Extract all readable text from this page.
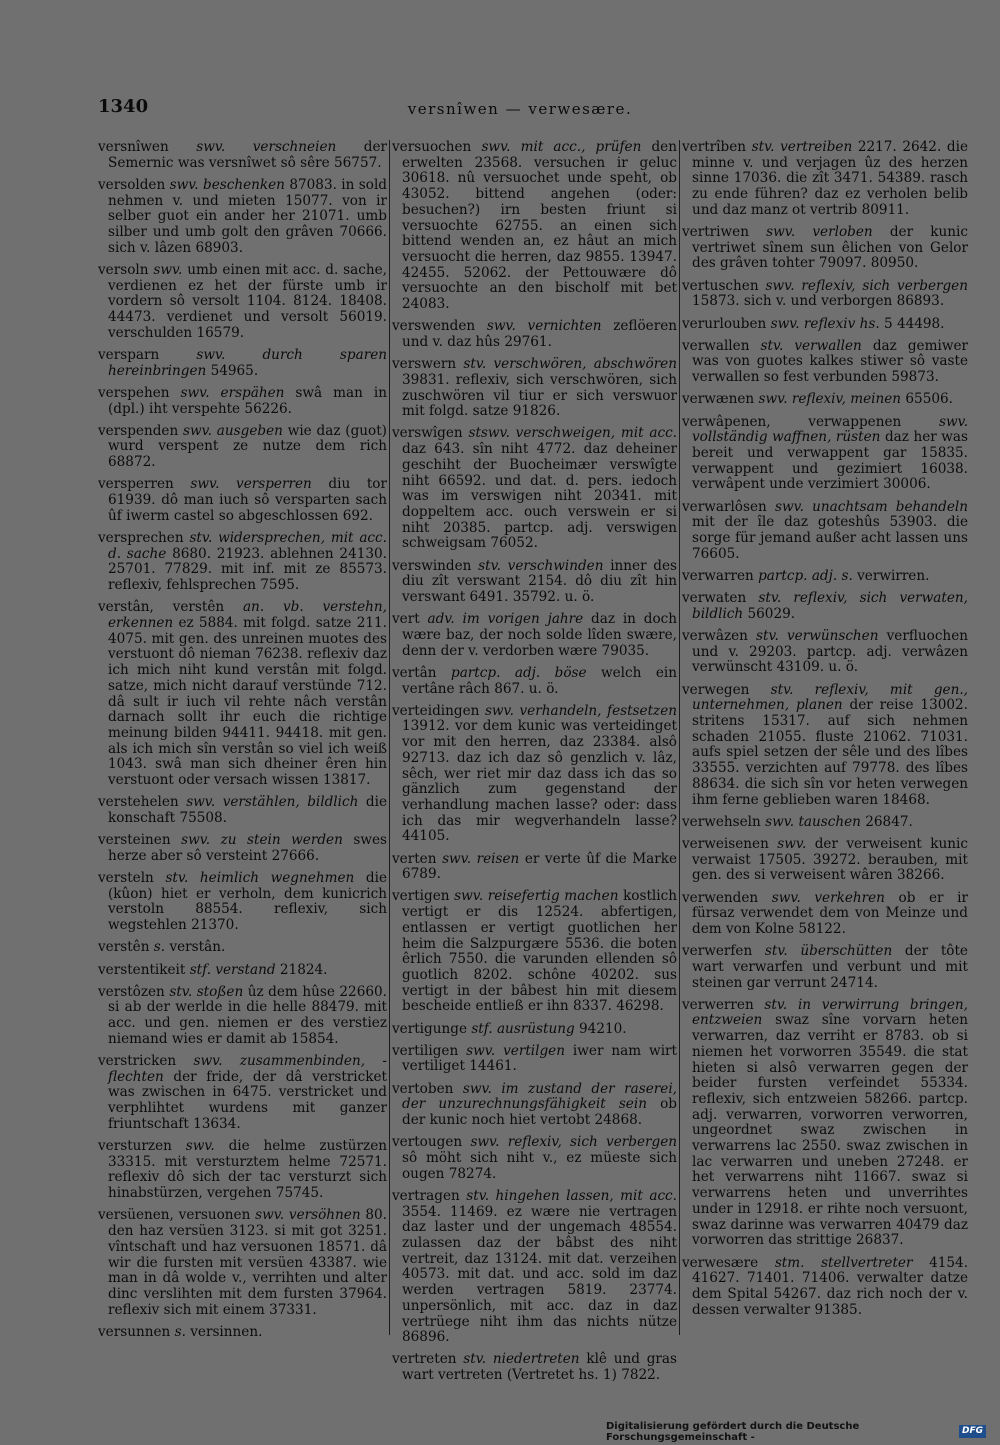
1340	versnîwen — verwesære.

versnîwen swv. verschneien der Semernic was versnîwet sô sêre 56757.

versolden swv. beschenken 87083. in sold nehmen v. und mieten 15077. von ir selber guot ein ander her 21071. umb silber und umb golt den grâven 70666. sich v. lâzen 68903.

versoln swv. umb einen mit acc. d. sache, verdienen ez het der fürste umb ir vordern sô versolt 1104. 8124. 18408. 44473. verdienet und versolt 56019. verschulden 16579.

versparn	swv. durch sparen hereinbringen 54965.

verspehen swv. erspähen swâ man in (dpl.) iht verspehte 56226.

verspenden swv. ausgeben wie daz (guot) wurd verspent ze nutze dem rich 68872.

versperren swv. versperren diu tor 61939. dô man iuch sô versparten sach ûf iwerm castel so abgeschlossen 692.

versprechen stv. widersprechen, mit acc. d. sache 8680. 21923. ablehnen 24130. 25701. 77829. mit inf. mit ze 85573. reflexiv, fehlsprechen 7595.

verstân, verstên an. vb. verstehn, erkennen ez 5884. mit folgd. satze 211. 4075. mit gen. des unreinen muotes des verstuont dô nieman 76238. reflexiv daz ich mich niht kund verstân mit folgd. satze, mich nicht darauf verstünde 712. dâ sult ir iuch vil rehte nâch verstân darnach sollt ihr euch die richtige meinung bilden 94411. 94418. mit gen. als ich mich sîn verstân so viel ich weiß 1043. swâ man sich dheiner êren hin verstuont oder versach wissen 13817.

verstehelen swv. verstählen, bildlich die konschaft 75508.

versteinen swv. zu stein werden swes herze aber sô versteint 27666.

versteln stv. heimlich wegnehmen die (kûon) hiet er verholn, dem kunicrich verstoln 88554. reflexiv, sich wegstehlen 21370.

verstên s. verstân.

verstentikeit stf. verstand 21824.

verstôzen stv. stoßen ûz dem hûse 22660. si ab der werlde in die helle 88479. mit acc. und gen. niemen er des verstiez niemand wies er damit ab 15854.

verstricken swv. zusammenbinden, -flechten der fride, der dâ verstricket was zwischen in 6475. verstricket und verphlihtet wurdens mit ganzer friuntschaft 13634.

versturzen swv. die helme zustürzen 33315. mit versturztem helme 72571. reflexiv dô sich der tac versturzt sich hinabstürzen, vergehen 75745.

versüenen, versuonen swv. versöhnen 80. den haz versüen 3123. si mit got 3251. vîntschaft und haz versuonen 18571. dâ wir die fursten mit versüen 43387. wie man in dâ wolde v., verrihten und alter dinc verslihten mit dem fursten 37964. reflexiv sich mit einem 37331.

versunnen s. versinnen.

versuochen swv. mit acc., prüfen den erwelten 23568. versuchen ir geluc 30618. nû versuochet unde speht, ob 43052. bittend angehen (oder: besuchen?) irn besten friunt si versuochte 62755. an einen sich bittend wenden an, ez hâut an mich versuocht die herren, daz 9855. 13947. 42455. 52062. der Pettouwære dô versuochte an den bischolf mit bet 24083.

verswenden swv. vernichten zeflöeren und v. daz hûs 29761.

verswern stv. verschwören, abschwören 39831. reflexiv, sich verschwören, sich zuschwören vil tiur er sich verswuor mit folgd. satze 91826.

verswîgen stswv. verschweigen, mit acc. daz 643. sîn niht 4772. daz deheiner geschiht der Buocheimær verswîgte niht 66592. und dat. d. pers. iedoch was im verswigen niht 20341. mit doppeltem acc. ouch verswein er si niht 20385. partcp. adj. verswigen schweigsam 76052.

verswinden stv. verschwinden inner des diu zît verswant 2154. dô diu zît hin verswant 6491. 35792. u. ö.

vert adv. im vorigen jahre daz in doch wære baz, der noch solde lîden swære, denn der v. verdorben wære 79035.

vertân partcp. adj. böse welch ein vertâne râch 867. u. ö.

verteidingen swv. verhandeln, festsetzen 13912. vor dem kunic was verteidinget vor mit den herren, daz 23384. alsô 92713. daz ich daz sô genzlich v. lâz, sêch, wer riet mir daz dass ich das so gänzlich zum gegenstand der verhandlung machen lasse? oder: dass ich das mir wegverhandeln lasse? 44105.

verten swv. reisen er verte ûf die Marke 6789.

vertigen swv. reisefertig machen kostlich vertigt er dis 12524. abfertigen, entlassen er vertigt guotlichen her heim die Salzpurgære 5536. die boten êrlich 7550. die varunden ellenden sô guotlich 8202. schône 40202. sus vertigt in der bâbest hin mit diesem bescheide entließ er ihn 8337. 46298.

vertigunge stf. ausrüstung 94210.

vertiligen swv. vertilgen iwer nam wirt vertiliget 14461.

vertoben swv. im zustand der raserei, der unzurechnungsfähigkeit sein ob der kunic noch hiet vertobt 24868.

vertougen swv. reflexiv, sich verbergen sô möht sich niht v., ez müeste sich ougen 78274.

vertragen stv. hingehen lassen, mit acc. 3554. 11469. ez wære nie vertragen daz laster und der ungemach 48554. zulassen daz der bâbst des niht vertreit, daz 13124. mit dat. verzeihen 40573. mit dat. und acc. sold im daz werden vertragen 5819. 23774. unpersönlich, mit acc. daz in daz vertrüege niht ihm das nichts nütze 86896.

vertreten stv. niedertreten klê und gras wart vertreten (Vertretet hs. 1) 7822.

vertrîben stv. vertreiben 2217. 2642. die minne v. und verjagen ûz des herzen sinne 17036. die zît 3471. 54389. rasch zu ende führen? daz ez verholen belib und daz manz ot vertrib 80911.

vertriwen swv. verloben der kunic vertriwet sînem sun êlichen von Gelor des grâven tohter 79097. 80950.

vertuschen swv. reflexiv, sich verbergen 15873. sich v. und verborgen 86893.

verurlouben swv. reflexiv hs. 5 44498.

verwallen stv. verwallen daz gemiwer was von guotes kalkes stiwer sô vaste verwallen so fest verbunden 59873.

verwænen swv. reflexiv, meinen 65506.

verwâpenen, verwappenen	swv. vollständig waffnen, rüsten daz her was bereit und verwappent gar 15835. verwappent und gezimiert 16038. verwâpent unde verzimiert 30006.

verwarlôsen swv. unachtsam behandeln mit der île daz goteshûs 53903. die sorge für jemand außer acht lassen uns 76605.

verwarren partcp. adj. s. verwirren.

verwaten stv. reflexiv, sich verwaten, bildlich 56029.

verwâzen stv. verwünschen verfluochen und v. 29203. partcp. adj. verwâzen verwünscht 43109. u. ö.

verwegen stv. reflexiv, mit gen., unternehmen, planen der reise 13002. stritens 15317. auf sich nehmen schaden 21055. fluste 21062. 71031. aufs spiel setzen der sêle und des lîbes 33555. verzichten auf 79778. des lîbes 88634. die sich sîn vor heten verwegen ihm ferne geblieben waren 18468.

verwehseln swv. tauschen 26847.

verweisenen swv. der verweisent kunic verwaist 17505. 39272. berauben, mit gen. des si verweisent wâren 38266.

verwenden swv. verkehren ob er ir fürsaz verwendet dem von Meinze und dem von Kolne 58122.

verwerfen stv. überschütten der tôte wart verwarfen und verbunt und mit steinen gar verrunt 24714.

verwerren stv. in verwirrung bringen, entzweien swaz sîne vorvarn heten verwarren, daz verriht er 8783. ob si niemen het vorworren 35549. die stat hieten si alsô verwarren gegen der beider fursten verfeindet 55334. reflexiv, sich entzweien 58266. partcp. adj. verwarren, vorworren verworren, ungeordnet swaz zwischen in verwarrens lac 2550. swaz zwischen in lac verwarren und uneben 27248. er het verwarrens niht 11667. swaz si verwarrens heten und unverrihtes under in 12918. er rihte noch versuont, swaz darinne was verwarren 40479 daz vorworren das strittige 26837.

verwesære stm. stellvertreter 4154. 41627. 71401. 71406. verwalter datze dem Spital 54267. daz rich noch der v. dessen verwalter 91385.

Digitalisierung gefördert durch die Deutsche Forschungsgemeinschaft -
DFG
